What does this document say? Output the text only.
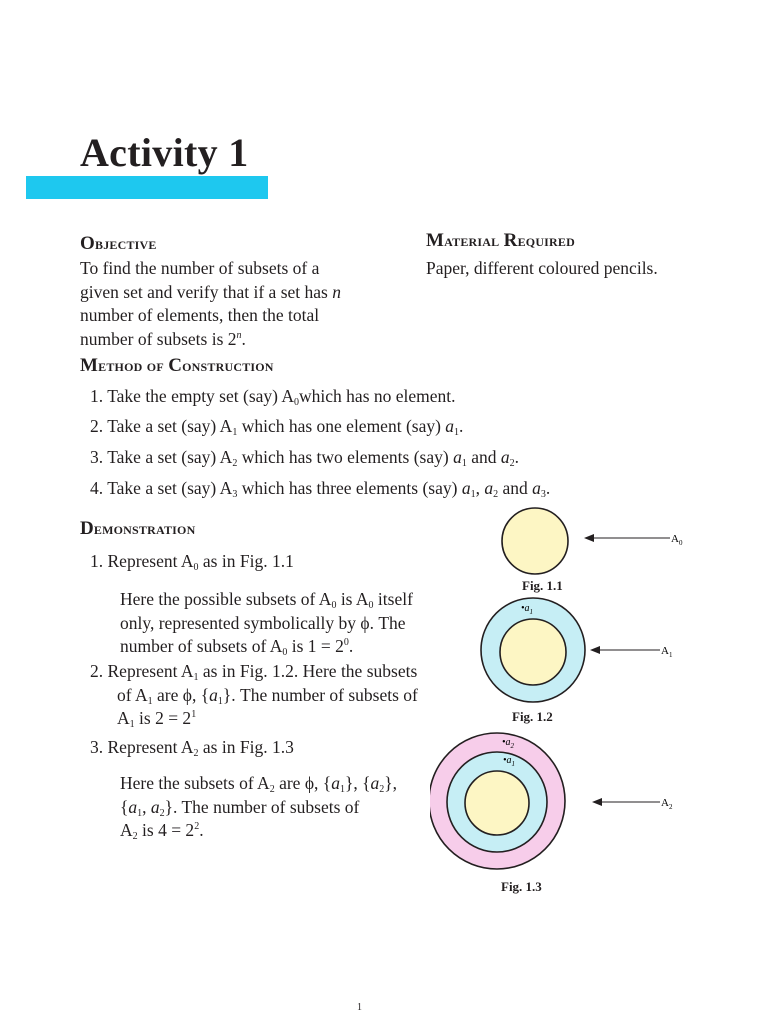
Activity 1
Objective
To find the number of subsets of a
given set and verify that if a set has n
number of elements, then the total
number of subsets is 2$^n$.
Material Required
Paper, different coloured pencils.
Method of Construction
1. Take the empty set (say) $A_0which$ has no element.
2. Take a set (say) $A_1$ which has one element (say) $a_1$.
3. Take a set (say) $A_2$ which has two elements (say) $a_1$ and $a_2$.
4. Take a set (say) $A_3$ which has three elements (say) $a_1$, $a_2$ and $a_3$.
Demonstration
1. Represent $A_0$ as in Fig. 1.1
Here the possible subsets of $A_0$ is $A_0$ itself
only, represented symbolically by ϕ. The
number of subsets of $A_0$ is $1 = 2^0$.
2. Represent $A_1$ as in Fig. 1.2. Here the subsets
of $A_1$ are ϕ, $\{a_1\}$. The number of subsets of
$A_1$ is $2 = 2^1$
3. Represent $A_2$ as in Fig. 1.3
Here the subsets of $A_2$ are ϕ, $\{a_1\}$, $\{a_2\}$,
{$a_1$, $a_2$}. The number of subsets of
$A_2$ is $4 = 2^2$.
$A_0$
Fig. 1.1
$•a_1$
$A_1$
Fig. 1.2
$•a_2$
$•a_1$
$A_2$
Fig. 1.3
1
